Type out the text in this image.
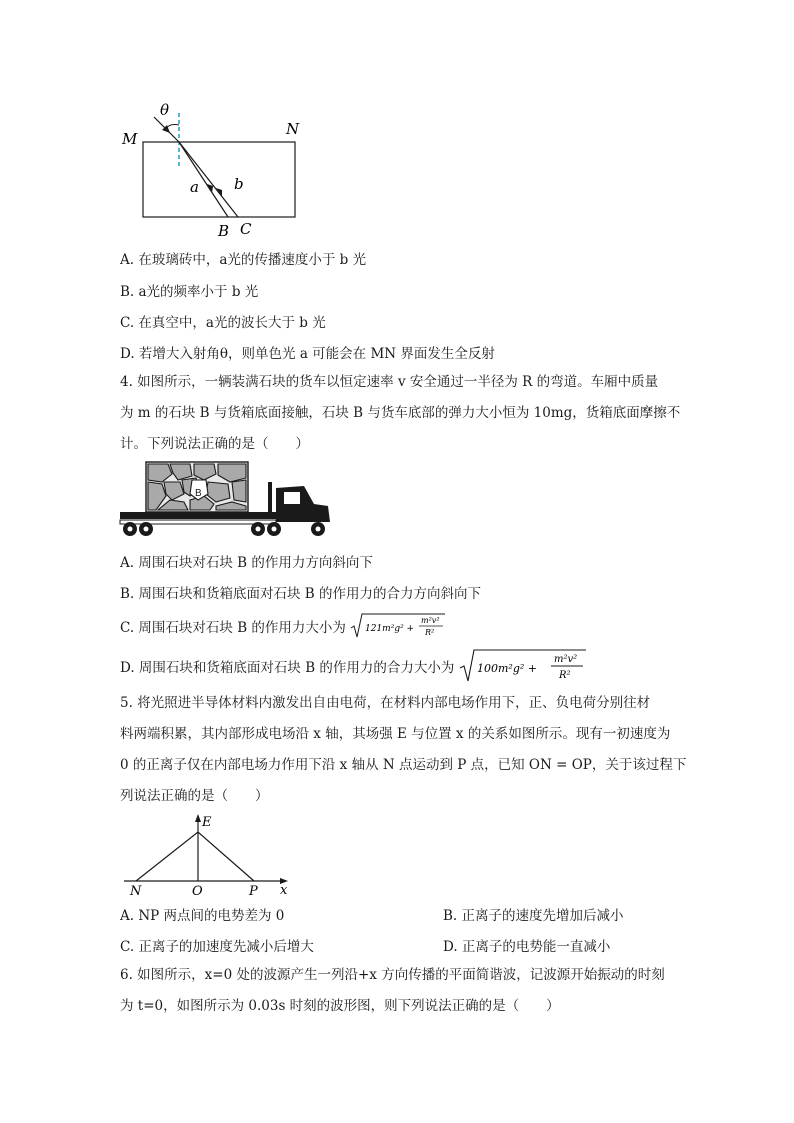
θ
M
N
a b
B C
A. 在玻璃砖中，a光的传播速度小于 b 光
B. a光的频率小于 b 光
C. 在真空中，a光的波长大于 b 光
D. 若增大入射角θ，则单色光 a 可能会在 MN 界面发生全反射
4. 如图所示，一辆装满石块的货车以恒定速率 v 安全通过一半径为 R 的弯道。车厢中质量
为 m 的石块 B 与货箱底面接触，石块 B 与货车底部的弹力大小恒为 10mg，货箱底面摩擦不
计。下列说法正确的是（　　）
B
A. 周围石块对石块 B 的作用力方向斜向下
B. 周围石块和货箱底面对石块 B 的作用力的合力方向斜向下
C. 周围石块对石块 B 的作用力大小为 121m²g² +
m²v²
R²
D. 周围石块和货箱底面对石块 B 的作用力的合力大小为 100m²g² +
m²v²
R²
5. 将光照进半导体材料内激发出自由电荷，在材料内部电场作用下，正、负电荷分别往材
料两端积累，其内部形成电场沿 x 轴，其场强 E 与位置 x 的关系如图所示。现有一初速度为
0 的正离子仅在内部电场力作用下沿 x 轴从 N 点运动到 P 点，已知 ON = OP，关于该过程下
列说法正确的是（　　）
E
N	O	P x
A. NP 两点间的电势差为 0	B. 正离子的速度先增加后减小
C. 正离子的加速度先减小后增大	D. 正离子的电势能一直减小
6. 如图所示，x=0 处的波源产生一列沿+x 方向传播的平面简谐波，记波源开始振动的时刻
为 t=0，如图所示为 0.03s 时刻的波形图，则下列说法正确的是（　　）
